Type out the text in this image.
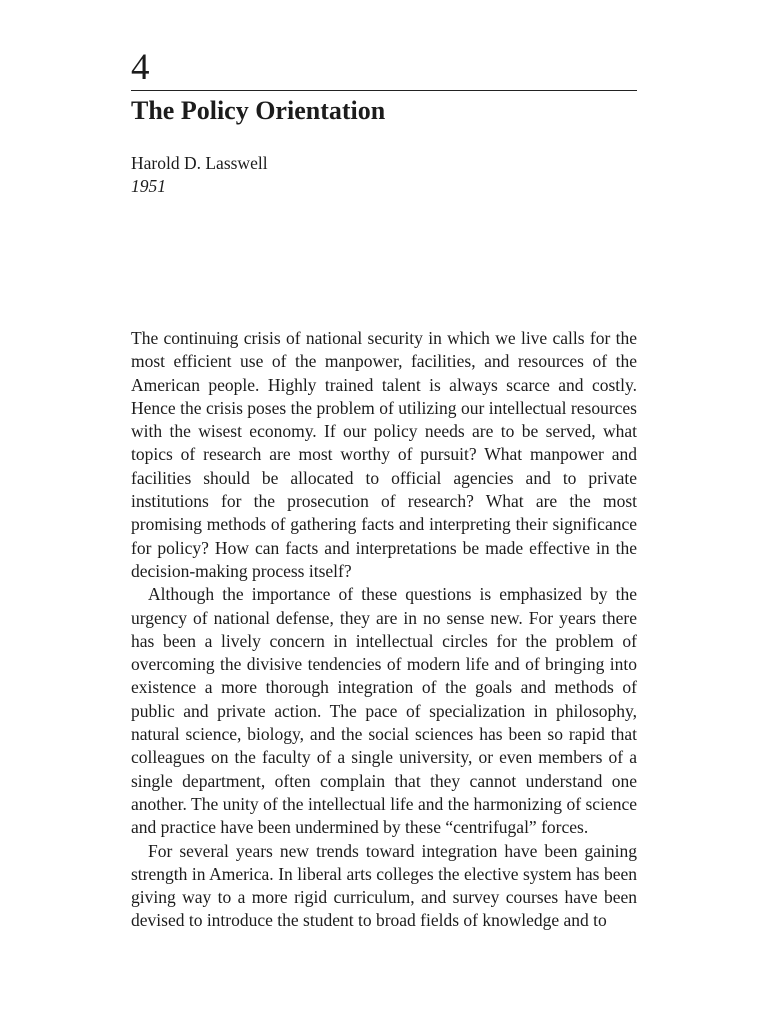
4
The Policy Orientation
Harold D. Lasswell
1951

The continuing crisis of national security in which we live calls for the most efficient use of the manpower, facilities, and resources of the American people. Highly trained talent is always scarce and costly. Hence the crisis poses the problem of utilizing our intellectual resources with the wisest economy. If our policy needs are to be served, what topics of research are most worthy of pursuit? What manpower and facilities should be allocated to official agencies and to private institutions for the prosecution of research? What are the most promising methods of gathering facts and interpreting their significance for policy? How can facts and interpretations be made effective in the decision-making process itself?

Although the importance of these questions is emphasized by the urgency of national defense, they are in no sense new. For years there has been a lively concern in intellectual circles for the problem of overcoming the divisive tendencies of modern life and of bringing into existence a more thorough integration of the goals and methods of public and private action. The pace of specialization in philosophy, natural science, biology, and the social sciences has been so rapid that colleagues on the faculty of a single university, or even members of a single department, often complain that they cannot understand one another. The unity of the intellectual life and the harmonizing of science and practice have been undermined by these “centrifugal” forces.

For several years new trends toward integration have been gaining strength in America. In liberal arts colleges the elective system has been giving way to a more rigid curriculum, and survey courses have been devised to introduce the student to broad fields of knowledge and to
